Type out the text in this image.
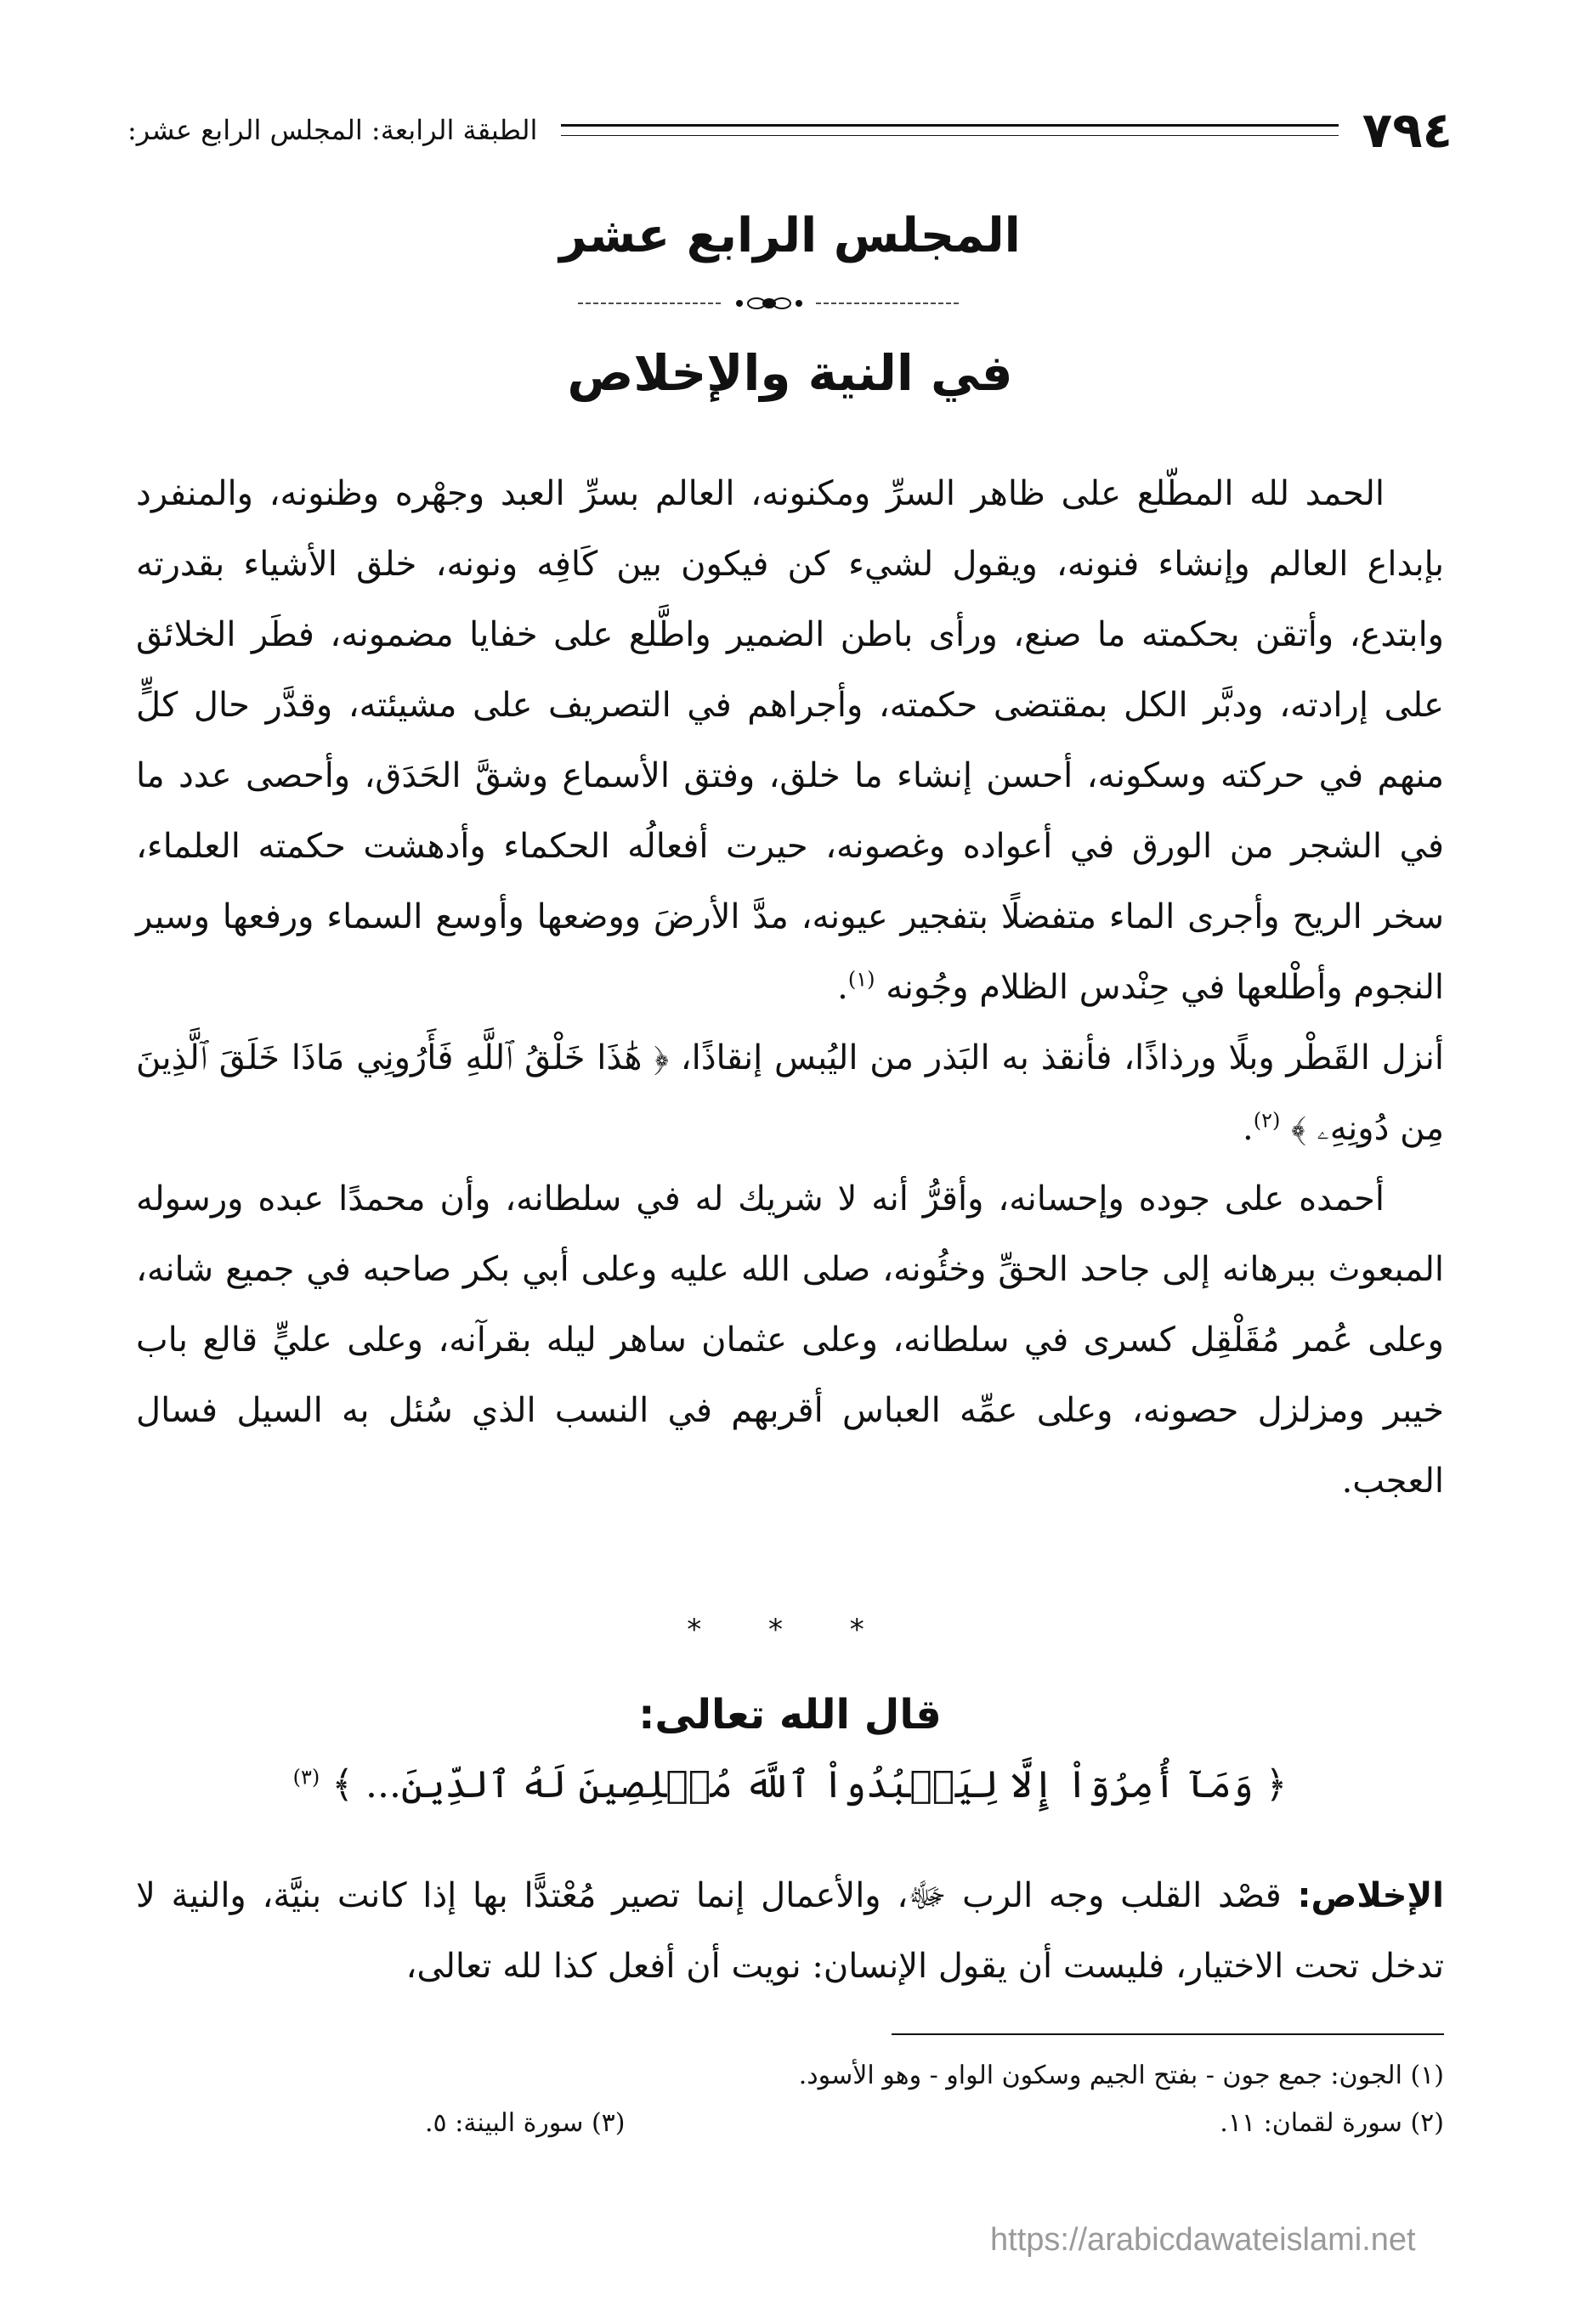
٧٩٤
الطبقة الرابعة: المجلس الرابع عشر:
المجلس الرابع عشر
في النية والإخلاص

الحمد لله المطّلع على ظاهر السرِّ ومكنونه، العالم بسرِّ العبد وجهْره وظنونه، والمنفرد بإبداع العالم وإنشاء فنونه، ويقول لشيء كن فيكون بين كَافِه ونونه، خلق الأشياء بقدرته وابتدع، وأتقن بحكمته ما صنع، ورأى باطن الضمير واطَّلع على خفايا مضمونه، فطَر الخلائق على إرادته، ودبَّر الكل بمقتضى حكمته، وأجراهم في التصريف على مشيئته، وقدَّر حال كلٍّ منهم في حركته وسكونه، أحسن إنشاء ما خلق، وفتق الأسماع وشقَّ الحَدَق، وأحصى عدد ما في الشجر من الورق في أعواده وغصونه، حيرت أفعالُه الحكماء وأدهشت حكمته العلماء، سخر الريح وأجرى الماء متفضلًا بتفجير عيونه، مدَّ الأرضَ ووضعها وأوسع السماء ورفعها وسير النجوم وأطْلعها في حِنْدس الظلام وجُونه $^{(١)}$.

أنزل القَطْر وبلًا ورذاذًا، فأنقذ به البَذر من اليُبس إنقاذًا، ﴿ هَٰذَا خَلْقُ ٱللَّهِ فَأَرُونِي مَاذَا خَلَقَ ٱلَّذِينَ مِن دُونِهِۦ ﴾ $^{(٢)}$.

أحمده على جوده وإحسانه، وأقرُّ أنه لا شريك له في سلطانه، وأن محمدًا عبده ورسوله المبعوث ببرهانه إلى جاحد الحقِّ وخئُونه، صلى الله عليه وعلى أبي بكر صاحبه في جميع شانه، وعلى عُمر مُقَلْقِل كسرى في سلطانه، وعلى عثمان ساهر ليله بقرآنه، وعلى عليٍّ قالع باب خيبر ومزلزل حصونه، وعلى عمِّه العباس أقربهم في النسب الذي سُئل به السيل فسال العجب.

* * *
قال الله تعالى:
﴿ وَمَآ أُمِرُوٓاْ إِلَّا لِيَعۡبُدُواْ ٱللَّهَ مُخۡلِصِينَ لَهُ ٱلدِّينَ... ﴾ $^{(٣)}$

الإخلاص: قصْد القلب وجه الرب ﷻ، والأعمال إنما تصير مُعْتدًّا بها إذا كانت بنيَّة، والنية لا تدخل تحت الاختيار، فليست أن يقول الإنسان: نويت أن أفعل كذا لله تعالى،

(١) الجون: جمع جون - بفتح الجيم وسكون الواو - وهو الأسود.
(٢) سورة لقمان: ١١.
(٣) سورة البينة: ٥.
https://arabicdawateislami.net
